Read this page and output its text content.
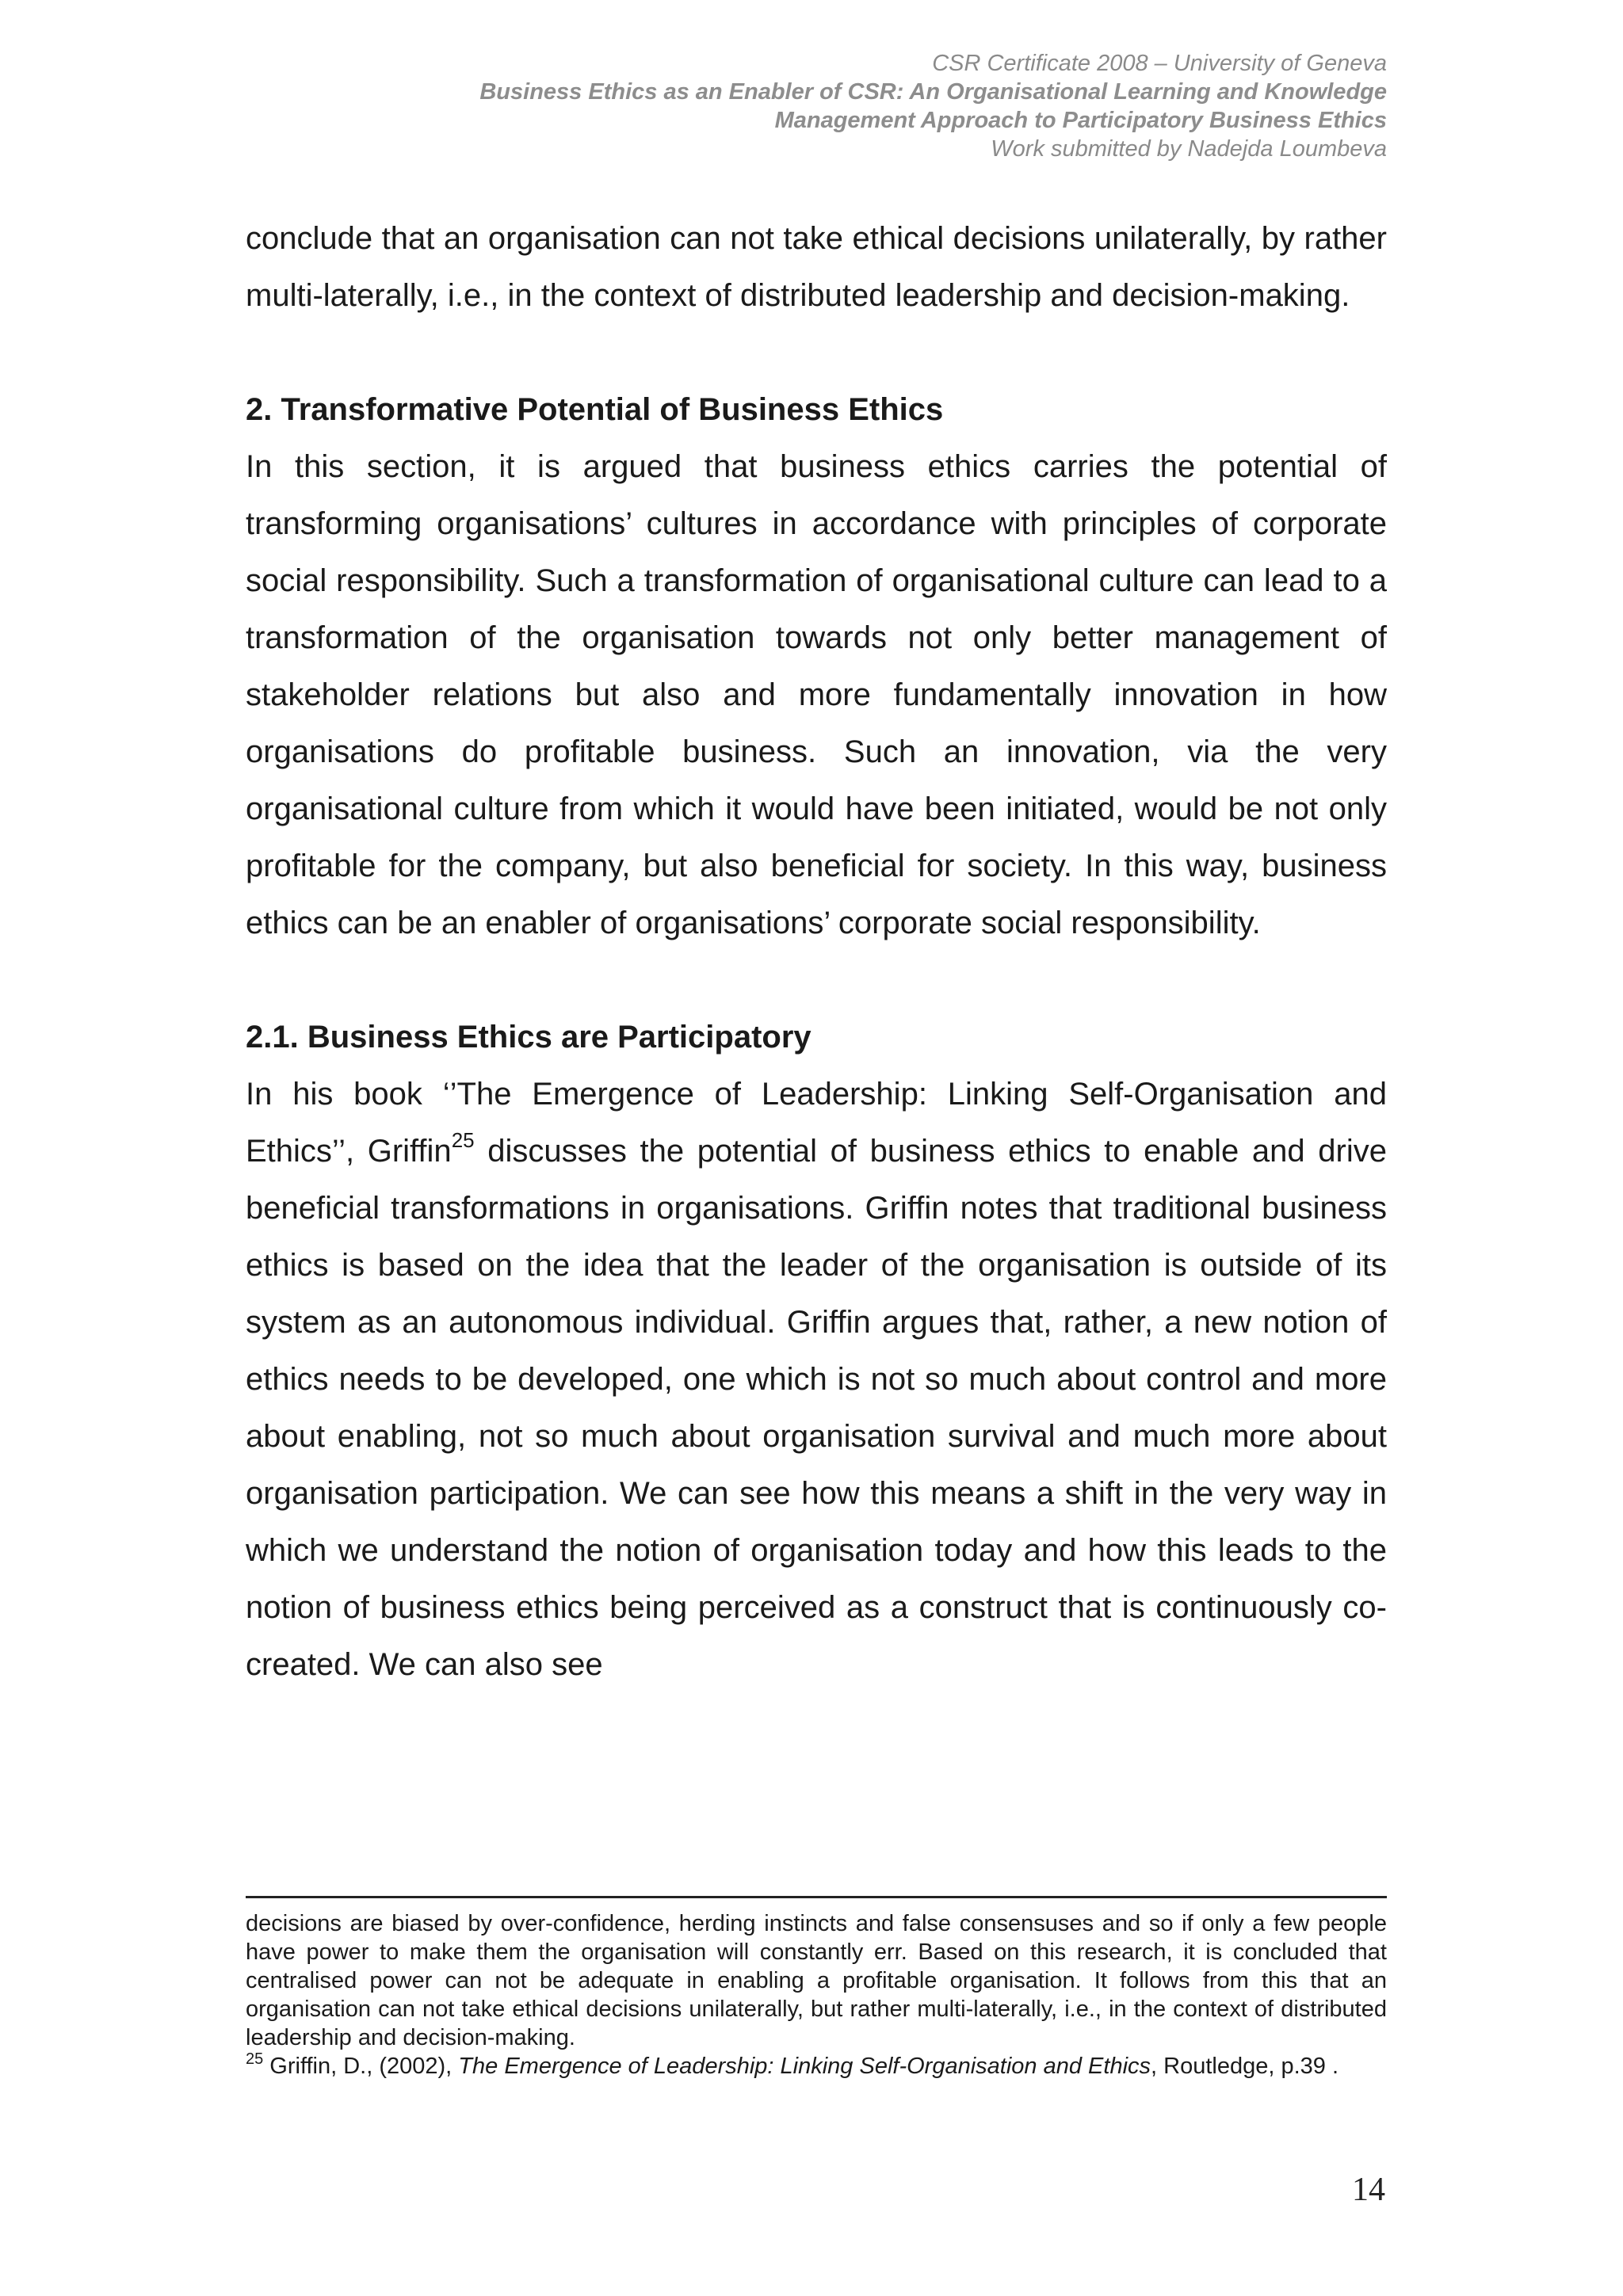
CSR Certificate 2008 – University of Geneva
Business Ethics as an Enabler of CSR: An Organisational Learning and Knowledge
Management Approach to Participatory Business Ethics
Work submitted by Nadejda Loumbeva

conclude that an organisation can not take ethical decisions unilaterally, by rather multi-laterally, i.e., in the context of distributed leadership and decision-making.

2. Transformative Potential of Business Ethics

In this section, it is argued that business ethics carries the potential of transforming organisations’ cultures in accordance with principles of corporate social responsibility. Such a transformation of organisational culture can lead to a transformation of the organisation towards not only better management of stakeholder relations but also and more fundamentally innovation in how organisations do profitable business. Such an innovation, via the very organisational culture from which it would have been initiated, would be not only profitable for the company, but also beneficial for society. In this way, business ethics can be an enabler of organisations’ corporate social responsibility.

2.1. Business Ethics are Participatory

In his book ‘’The Emergence of Leadership: Linking Self-Organisation and Ethics’’, Griffin$^{25}$ discusses the potential of business ethics to enable and drive beneficial transformations in organisations. Griffin notes that traditional business ethics is based on the idea that the leader of the organisation is outside of its system as an autonomous individual. Griffin argues that, rather, a new notion of ethics needs to be developed, one which is not so much about control and more about enabling, not so much about organisation survival and much more about organisation participation. We can see how this means a shift in the very way in which we understand the notion of organisation today and how this leads to the notion of business ethics being perceived as a construct that is continuously co-created. We can also see

decisions are biased by over-confidence, herding instincts and false consensuses and so if only a few people have power to make them the organisation will constantly err. Based on this research, it is concluded that centralised power can not be adequate in enabling a profitable organisation. It follows from this that an organisation can not take ethical decisions unilaterally, but rather multi-laterally, i.e., in the context of distributed leadership and decision-making.

$^{25}$ Griffin, D., (2002), The Emergence of Leadership: Linking Self-Organisation and Ethics, Routledge, p.39 .

14
